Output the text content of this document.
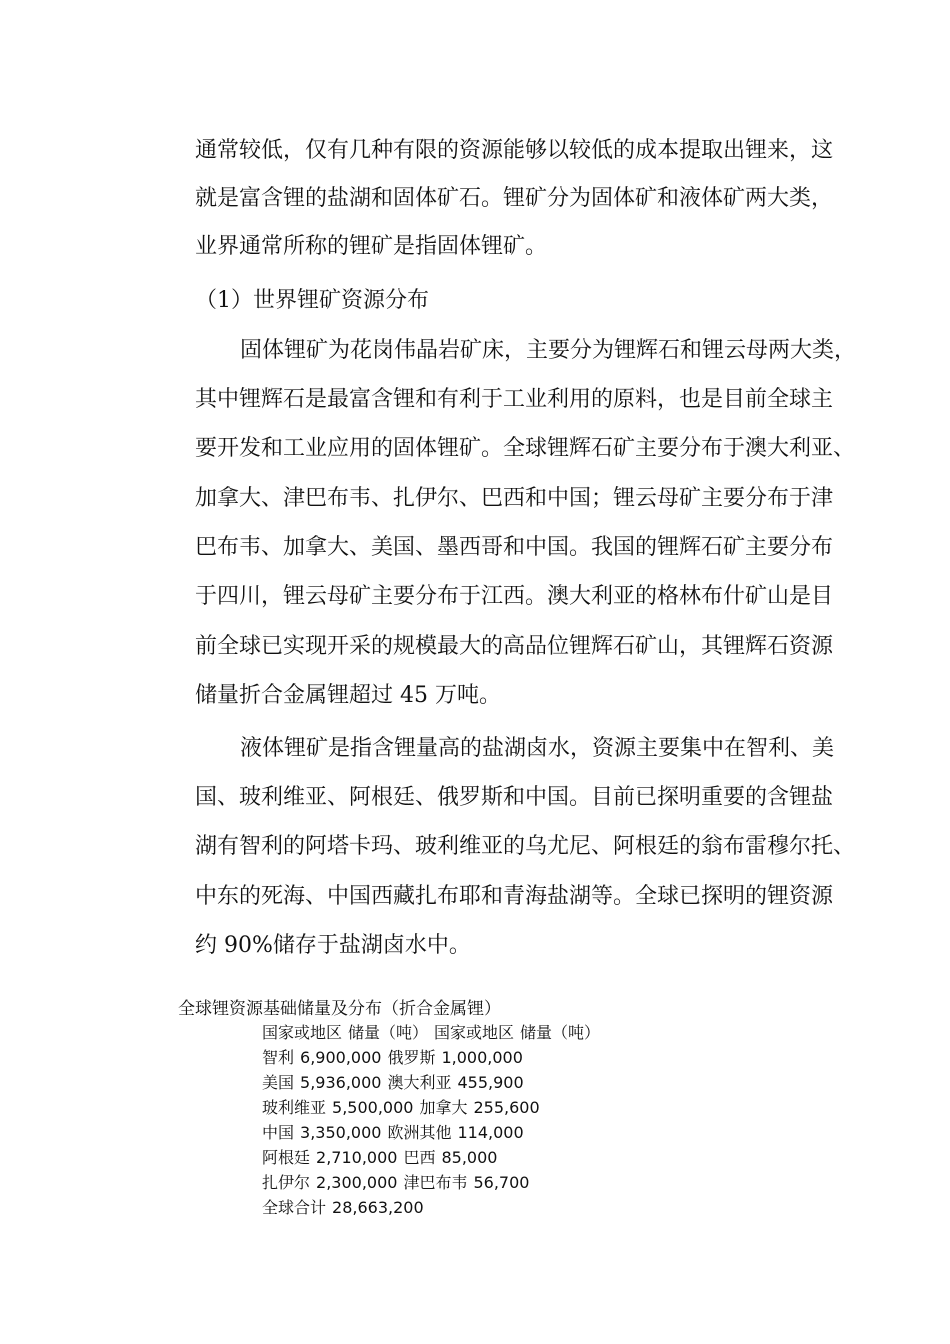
通常较低，仅有几种有限的资源能够以较低的成本提取出锂来，这

就是富含锂的盐湖和固体矿石。锂矿分为固体矿和液体矿两大类，

业界通常所称的锂矿是指固体锂矿。

（1）世界锂矿资源分布

固体锂矿为花岗伟晶岩矿床，主要分为锂辉石和锂云母两大类，

其中锂辉石是最富含锂和有利于工业利用的原料，也是目前全球主

要开发和工业应用的固体锂矿。全球锂辉石矿主要分布于澳大利亚、

加拿大、津巴布韦、扎伊尔、巴西和中国；锂云母矿主要分布于津

巴布韦、加拿大、美国、墨西哥和中国。我国的锂辉石矿主要分布

于四川，锂云母矿主要分布于江西。澳大利亚的格林布什矿山是目

前全球已实现开采的规模最大的高品位锂辉石矿山，其锂辉石资源

储量折合金属锂超过 45 万吨。

液体锂矿是指含锂量高的盐湖卤水，资源主要集中在智利、美

国、玻利维亚、阿根廷、俄罗斯和中国。目前已探明重要的含锂盐

湖有智利的阿塔卡玛、玻利维亚的乌尤尼、阿根廷的翁布雷穆尔托、

中东的死海、中国西藏扎布耶和青海盐湖等。全球已探明的锂资源

约 90%储存于盐湖卤水中。

全球锂资源基础储量及分布（折合金属锂）

国家或地区 储量（吨） 国家或地区 储量（吨）

智利 6,900,000 俄罗斯 1,000,000

美国 5,936,000 澳大利亚 455,900

玻利维亚 5,500,000 加拿大 255,600

中国 3,350,000 欧洲其他 114,000

阿根廷 2,710,000 巴西 85,000

扎伊尔 2,300,000 津巴布韦 56,700

全球合计 28,663,200
